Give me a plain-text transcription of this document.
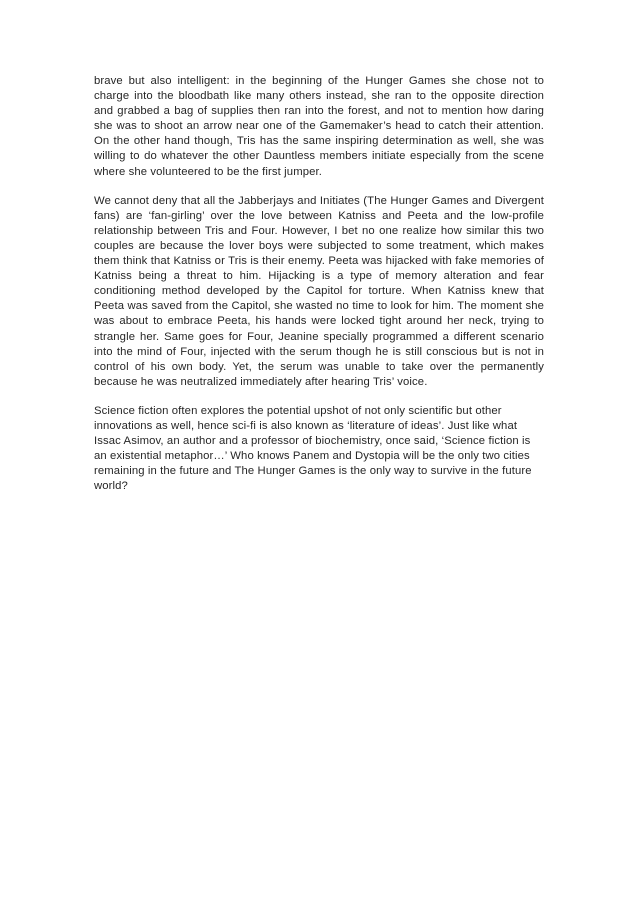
brave but also intelligent: in the beginning of the Hunger Games she chose not to charge into the bloodbath like many others instead, she ran to the opposite direction and grabbed a bag of supplies then ran into the forest, and not to mention how daring she was to shoot an arrow near one of the Gamemaker’s head to catch their attention. On the other hand though, Tris has the same inspiring determination as well, she was willing to do whatever the other Dauntless members initiate especially from the scene where she volunteered to be the first jumper.

We cannot deny that all the Jabberjays and Initiates (The Hunger Games and Divergent fans) are ‘fan-girling’ over the love between Katniss and Peeta and the low-profile relationship between Tris and Four. However, I bet no one realize how similar this two couples are because the lover boys were subjected to some treatment, which makes them think that Katniss or Tris is their enemy. Peeta was hijacked with fake memories of Katniss being a threat to him. Hijacking is a type of memory alteration and fear conditioning method developed by the Capitol for torture. When Katniss knew that Peeta was saved from the Capitol, she wasted no time to look for him. The moment she was about to embrace Peeta, his hands were locked tight around her neck, trying to strangle her. Same goes for Four, Jeanine specially programmed a different scenario into the mind of Four, injected with the serum though he is still conscious but is not in control of his own body. Yet, the serum was unable to take over the permanently because he was neutralized immediately after hearing Tris’ voice.

Science fiction often explores the potential upshot of not only scientific but other innovations as well, hence sci-fi is also known as ‘literature of ideas’. Just like what Issac Asimov, an author and a professor of biochemistry, once said, ‘Science fiction is an existential metaphor…’ Who knows Panem and Dystopia will be the only two cities remaining in the future and The Hunger Games is the only way to survive in the future world?
